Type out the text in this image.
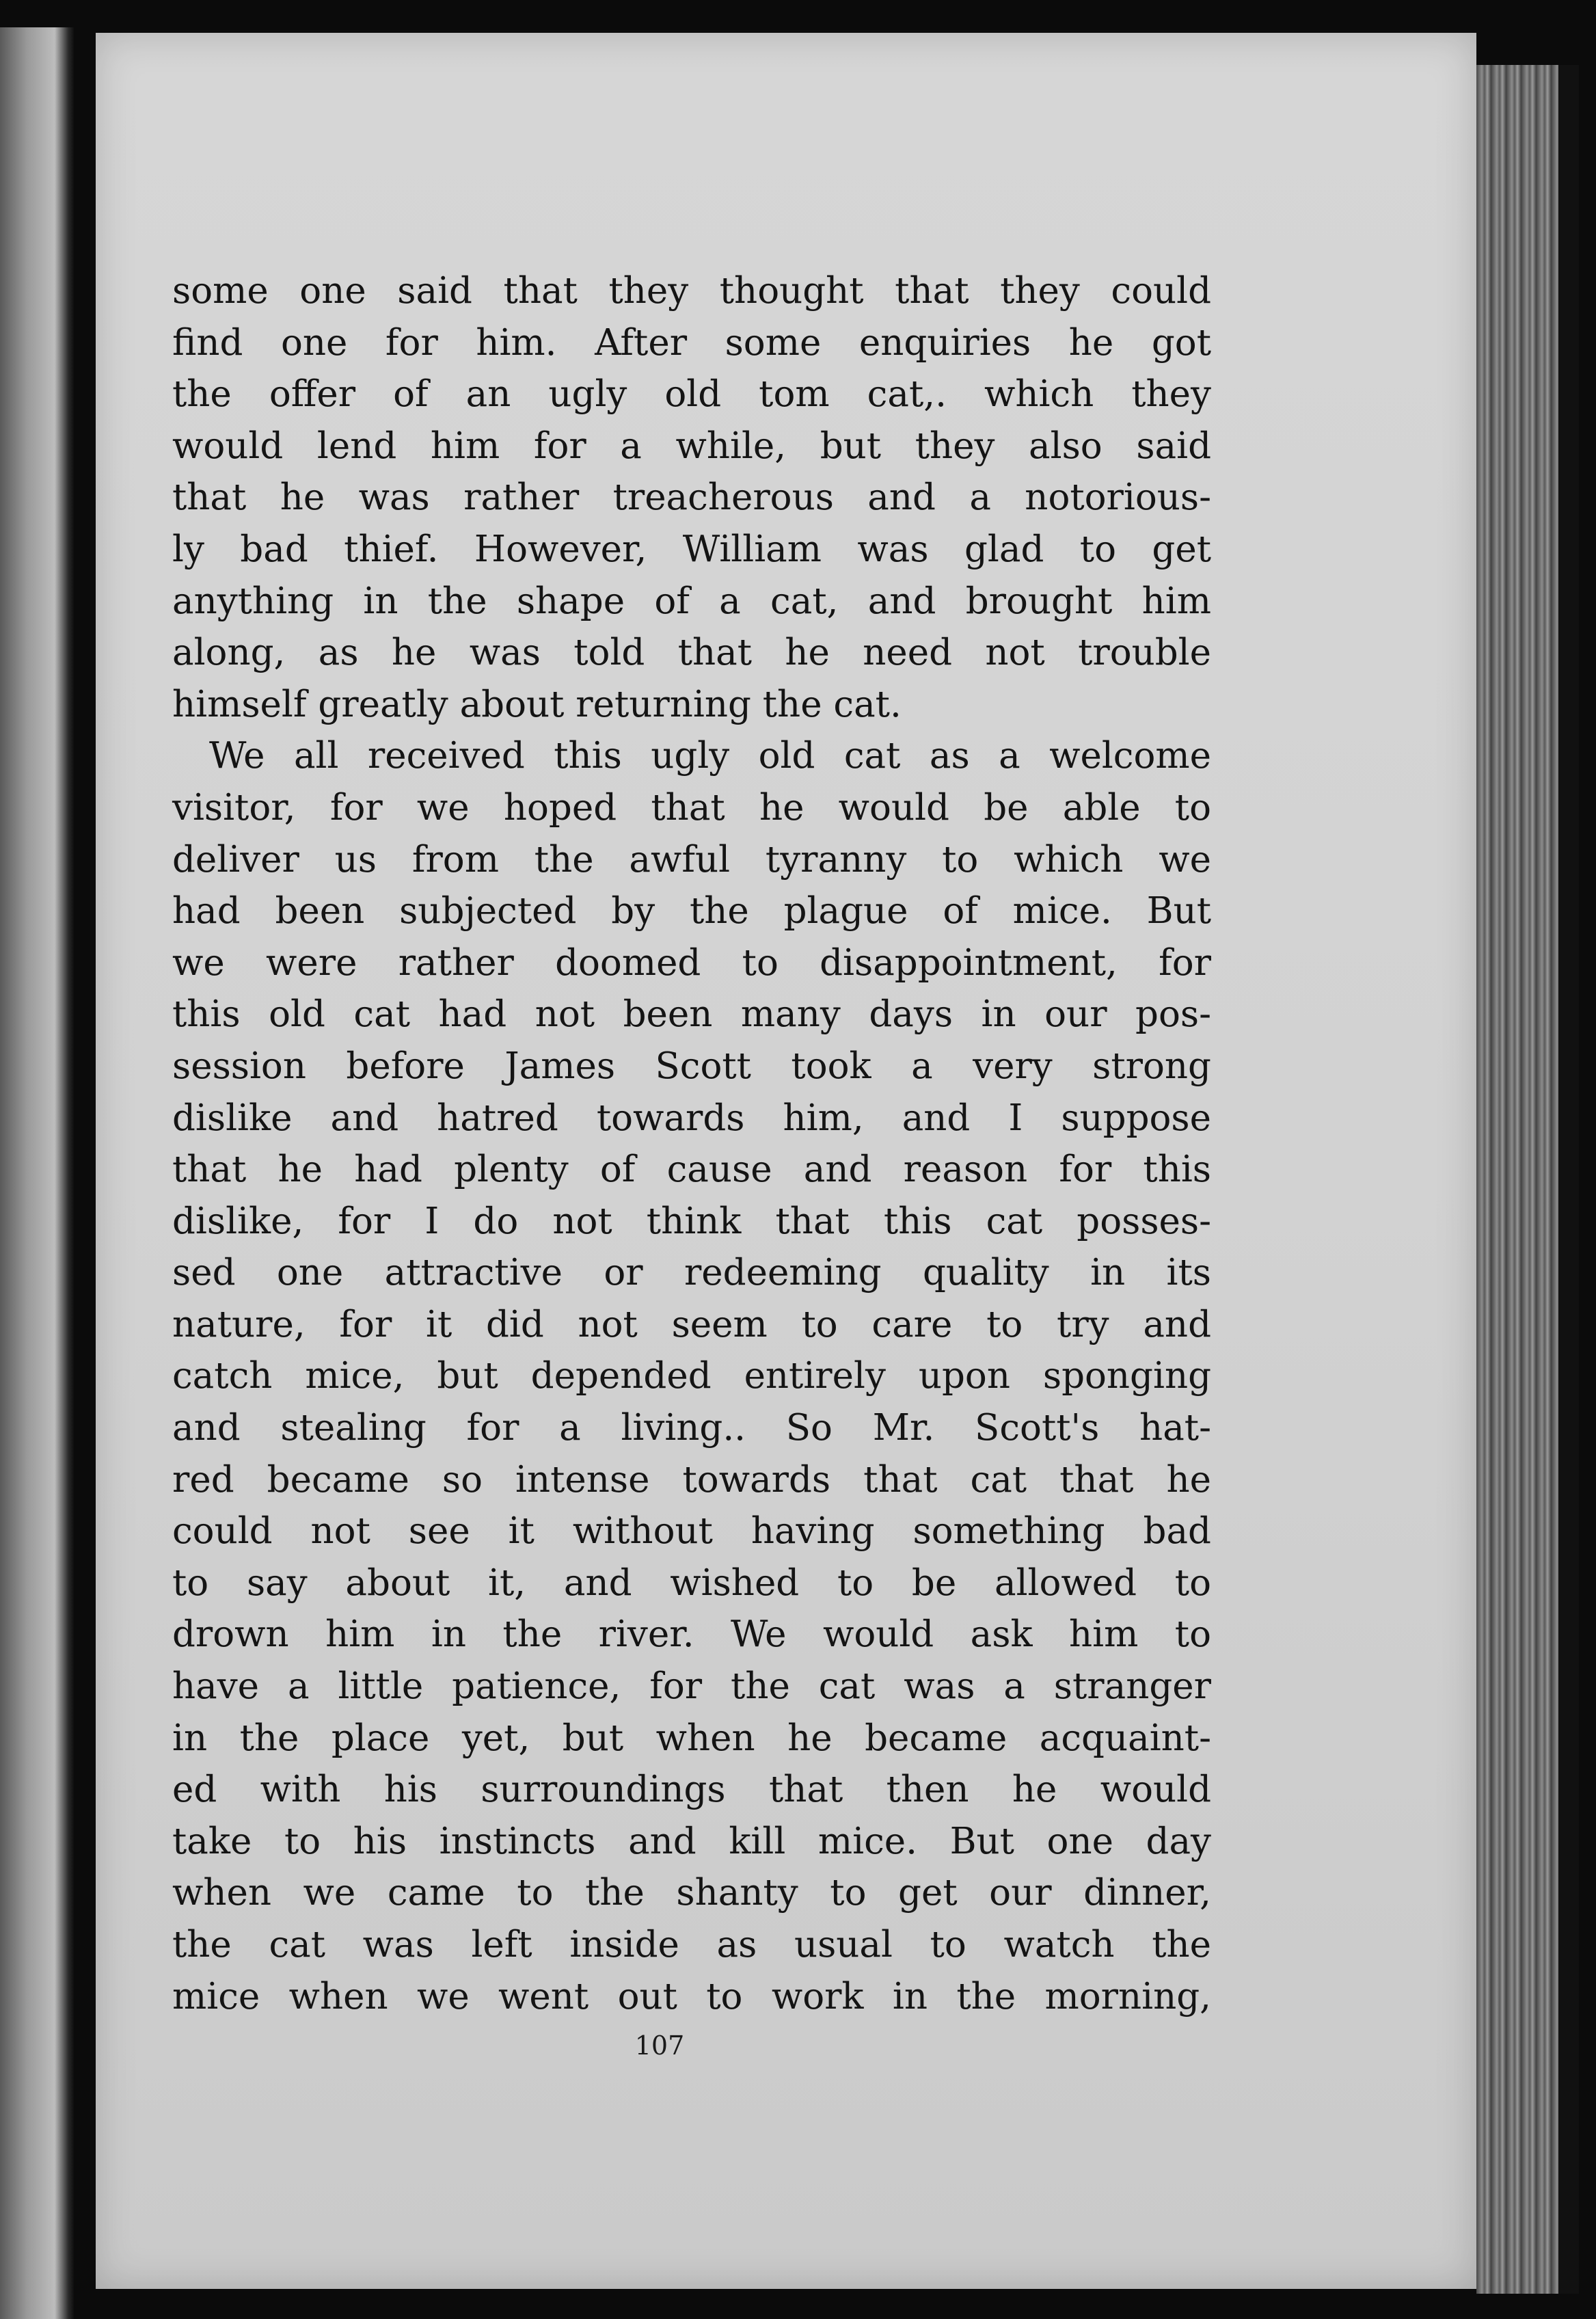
some one said that they thought that they could
find one for him. After some enquiries he got
the offer of an ugly old tom cat,. which they
would lend him for a while, but they also said
that he was rather treacherous and a notorious-
ly bad thief. However, William was glad to get
anything in the shape of a cat, and brought him
along, as he was told that he need not trouble
himself greatly about returning the cat.
We all received this ugly old cat as a welcome
visitor, for we hoped that he would be able to
deliver us from the awful tyranny to which we
had been subjected by the plague of mice. But
we were rather doomed to disappointment, for
this old cat had not been many days in our pos-
session before James Scott took a very strong
dislike and hatred towards him, and I suppose
that he had plenty of cause and reason for this
dislike, for I do not think that this cat posses-
sed one attractive or redeeming quality in its
nature, for it did not seem to care to try and
catch mice, but depended entirely upon sponging
and stealing for a living.. So Mr. Scott's hat-
red became so intense towards that cat that he
could not see it without having something bad
to say about it, and wished to be allowed to
drown him in the river. We would ask him to
have a little patience, for the cat was a stranger
in the place yet, but when he became acquaint-
ed with his surroundings that then he would
take to his instincts and kill mice. But one day
when we came to the shanty to get our dinner,
the cat was left inside as usual to watch the
mice when we went out to work in the morning,
107
